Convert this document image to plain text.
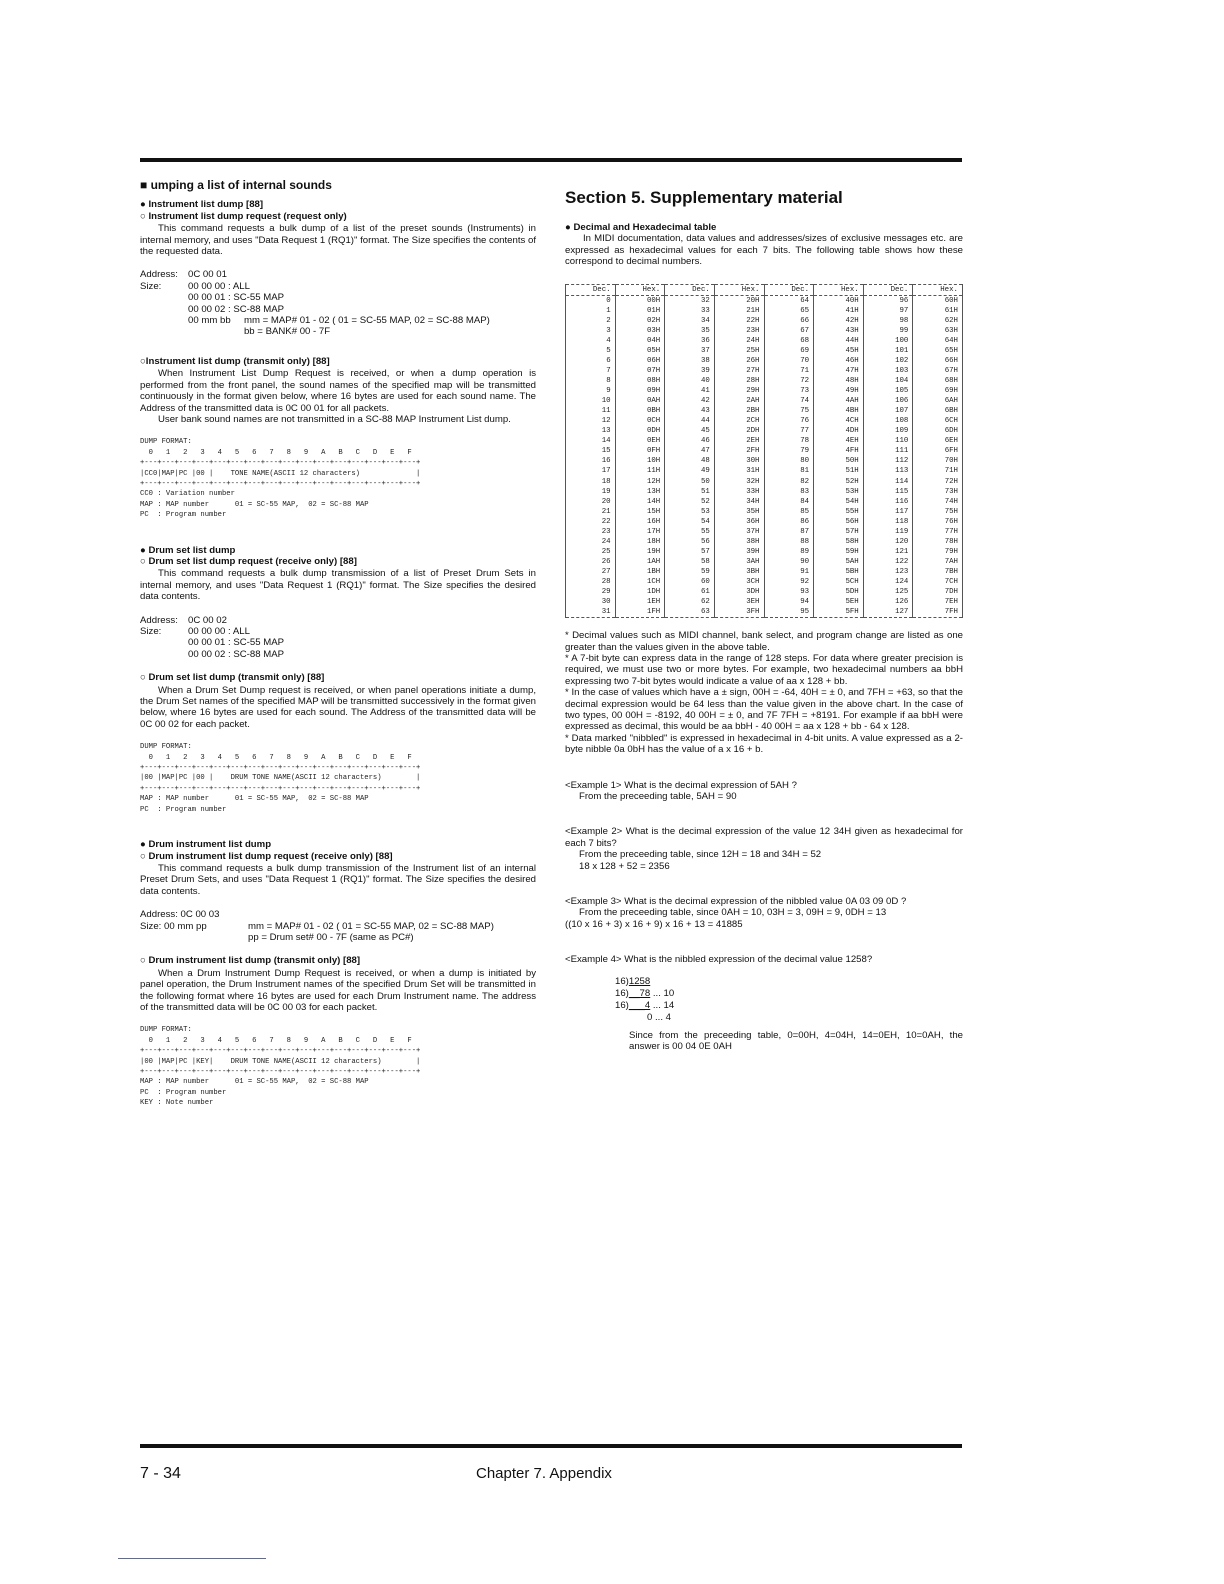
■ umping a list of internal sounds
● Instrument list dump [88]
○ Instrument list dump request (request only)

This command requests a bulk dump of a list of the preset sounds (Instruments) in internal memory, and uses "Data Request 1 (RQ1)" format. The Size specifies the contents of the requested data.

Address:	0C 00 01
Size:	00 00 00 : ALL
00 00 01 : SC-55 MAP
00 00 02 : SC-88 MAP
00 mm bb     mm = MAP# 01 - 02 ( 01 = SC-55 MAP, 02 = SC-88 MAP)
bb = BANK# 00 - 7F
○Instrument list dump (transmit only) [88]

When Instrument List Dump Request is received, or when a dump operation is performed from the front panel, the sound names of the specified map will be transmitted continuously in the format given below, where 16 bytes are used for each sound name. The Address of the transmitted data is 0C 00 01 for all packets.

User bank sound names are not transmitted in a SC-88 MAP Instrument List dump.

DUMP FORMAT:
0   1   2   3   4   5   6   7   8   9   A   B   C   D   E   F
+---+---+---+---+---+---+---+---+---+---+---+---+---+---+---+---+
|CC0|MAP|PC |00 |    TONE NAME(ASCII 12 characters)             |
+---+---+---+---+---+---+---+---+---+---+---+---+---+---+---+---+
CC0 : Variation number
MAP : MAP number      01 = SC-55 MAP,  02 = SC-88 MAP
PC  : Program number
● Drum set list dump
○ Drum set list dump request (receive only) [88]

This command requests a bulk dump transmission of a list of Preset Drum Sets in internal memory, and uses "Data Request 1 (RQ1)" format. The Size specifies the desired data contents.

Address:	0C 00 02
Size:	00 00 00 : ALL
00 00 01 : SC-55 MAP
00 00 02 : SC-88 MAP
○ Drum set list dump (transmit only) [88]

When a Drum Set Dump request is received, or when panel operations initiate a dump, the Drum Set names of the specified MAP will be transmitted successively in the format given below, where 16 bytes are used for each sound. The Address of the transmitted data will be 0C 00 02 for each packet.

DUMP FORMAT:
0   1   2   3   4   5   6   7   8   9   A   B   C   D   E   F
+---+---+---+---+---+---+---+---+---+---+---+---+---+---+---+---+
|00 |MAP|PC |00 |    DRUM TONE NAME(ASCII 12 characters)        |
+---+---+---+---+---+---+---+---+---+---+---+---+---+---+---+---+
MAP : MAP number      01 = SC-55 MAP,  02 = SC-88 MAP
PC  : Program number
● Drum instrument list dump
○ Drum instrument list dump request (receive only) [88]

This command requests a bulk dump transmission of the Instrument list of an internal Preset Drum Sets, and uses "Data Request 1 (RQ1)" format. The Size specifies the desired data contents.

Address: 0C 00 03
Size: 00 mm pp	mm = MAP# 01 - 02 ( 01 = SC-55 MAP, 02 = SC-88 MAP)
pp = Drum set# 00 - 7F (same as PC#)
○ Drum instrument list dump (transmit only) [88]

When a Drum Instrument Dump Request is received, or when a dump is initiated by panel operation, the Drum Instrument names of the specified Drum Set will be transmitted in the following format where 16 bytes are used for each Drum Instrument name. The address of the transmitted data will be 0C 00 03 for each packet.

DUMP FORMAT:
0   1   2   3   4   5   6   7   8   9   A   B   C   D   E   F
+---+---+---+---+---+---+---+---+---+---+---+---+---+---+---+---+
|00 |MAP|PC |KEY|    DRUM TONE NAME(ASCII 12 characters)        |
+---+---+---+---+---+---+---+---+---+---+---+---+---+---+---+---+
MAP : MAP number      01 = SC-55 MAP,  02 = SC-88 MAP
PC  : Program number
KEY : Note number
Section 5. Supplementary material
● Decimal and Hexadecimal table

In MIDI documentation, data values and addresses/sizes of exclusive messages etc. are expressed as hexadecimal values for each 7 bits. The following table shows how these correspond to decimal numbers.

Dec.	Hex.	Dec.	Hex.	Dec.	Hex.	Dec.	Hex.
0	00H	32	20H	64	40H	96	60H
1	01H	33	21H	65	41H	97	61H
2	02H	34	22H	66	42H	98	62H
3	03H	35	23H	67	43H	99	63H
4	04H	36	24H	68	44H	100	64H
5	05H	37	25H	69	45H	101	65H
6	06H	38	26H	70	46H	102	66H
7	07H	39	27H	71	47H	103	67H
8	08H	40	28H	72	48H	104	68H
9	09H	41	29H	73	49H	105	69H
10	0AH	42	2AH	74	4AH	106	6AH
11	0BH	43	2BH	75	4BH	107	6BH
12	0CH	44	2CH	76	4CH	108	6CH
13	0DH	45	2DH	77	4DH	109	6DH
14	0EH	46	2EH	78	4EH	110	6EH
15	0FH	47	2FH	79	4FH	111	6FH
16	10H	48	30H	80	50H	112	70H
17	11H	49	31H	81	51H	113	71H
18	12H	50	32H	82	52H	114	72H
19	13H	51	33H	83	53H	115	73H
20	14H	52	34H	84	54H	116	74H
21	15H	53	35H	85	55H	117	75H
22	16H	54	36H	86	56H	118	76H
23	17H	55	37H	87	57H	119	77H
24	18H	56	38H	88	58H	120	78H
25	19H	57	39H	89	59H	121	79H
26	1AH	58	3AH	90	5AH	122	7AH
27	1BH	59	3BH	91	5BH	123	7BH
28	1CH	60	3CH	92	5CH	124	7CH
29	1DH	61	3DH	93	5DH	125	7DH
30	1EH	62	3EH	94	5EH	126	7EH
31	1FH	63	3FH	95	5FH	127	7FH

* Decimal values such as MIDI channel, bank select, and program change are listed as one greater than the values given in the above table.

* A 7-bit byte can express data in the range of 128 steps. For data where greater precision is required, we must use two or more bytes. For example, two hexadecimal numbers aa bbH expressing two 7-bit bytes would indicate a value of aa x 128 + bb.

* In the case of values which have a ± sign, 00H = -64, 40H = ± 0, and 7FH = +63, so that the decimal expression would be 64 less than the value given in the above chart. In the case of two types, 00 00H = -8192, 40 00H = ± 0, and 7F 7FH = +8191. For example if aa bbH were expressed as decimal, this would be aa bbH - 40 00H = aa x 128 + bb - 64 x 128.

* Data marked "nibbled" is expressed in hexadecimal in 4-bit units. A value expressed as a 2-byte nibble 0a 0bH has the value of a x 16 + b.

<Example 1> What is the decimal expression of 5AH ?

From the preceeding table, 5AH = 90

<Example 2> What is the decimal expression of the value 12 34H given as hexadecimal for each 7 bits?

From the preceeding table, since 12H = 18 and 34H = 52

18 x 128 + 52 = 2356

<Example 3> What is the decimal expression of the nibbled value 0A 03 09 0D ?

From the preceeding table, since 0AH = 10, 03H = 3, 09H = 9, 0DH = 13

((10 x 16 + 3) x 16 + 9) x 16 + 13 = 41885

<Example 4> What is the nibbled expression of the decimal value 1258?

16)1258
16)__78 ... 10
16)___4 ... 14
0 ... 4

Since from the preceeding table, 0=00H, 4=04H, 14=0EH, 10=0AH, the answer is 00 04 0E 0AH

7 - 34	Chapter 7. Appendix
